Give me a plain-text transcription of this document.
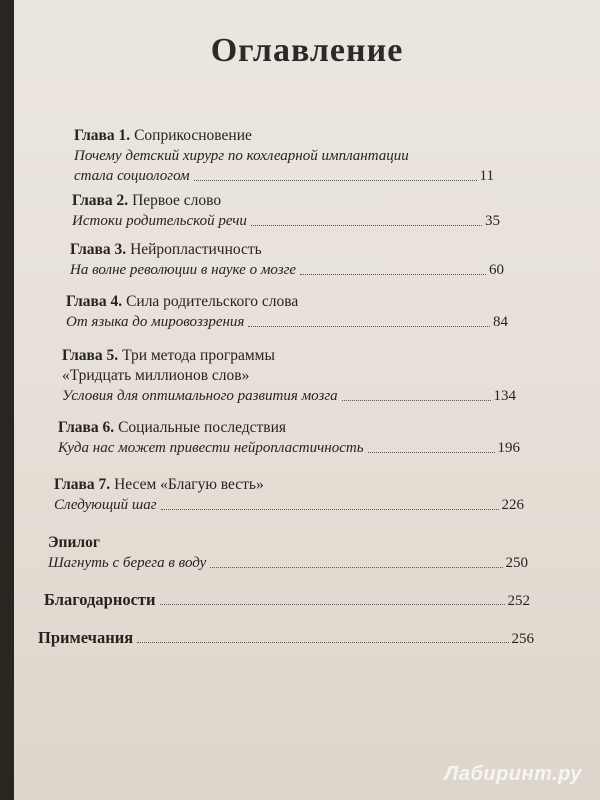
Оглавление
Глава 1. Соприкосновение
Почему детский хирург по кохлеарной имплантации
стала социологом	11
Глава 2. Первое слово
Истоки родительской речи	35
Глава 3. Нейропластичность
На волне революции в науке о мозге	60
Глава 4. Сила родительского слова
От языка до мировоззрения	84
Глава 5. Три метода программы
«Тридцать миллионов слов»
Условия для оптимального развития мозга	134
Глава 6. Социальные последствия
Куда нас может привести нейропластичность	196
Глава 7. Несем «Благую весть»
Следующий шаг	226
Эпилог
Шагнуть с берега в воду	250
Благодарности	252
Примечания	256
Лабиринт.ру
